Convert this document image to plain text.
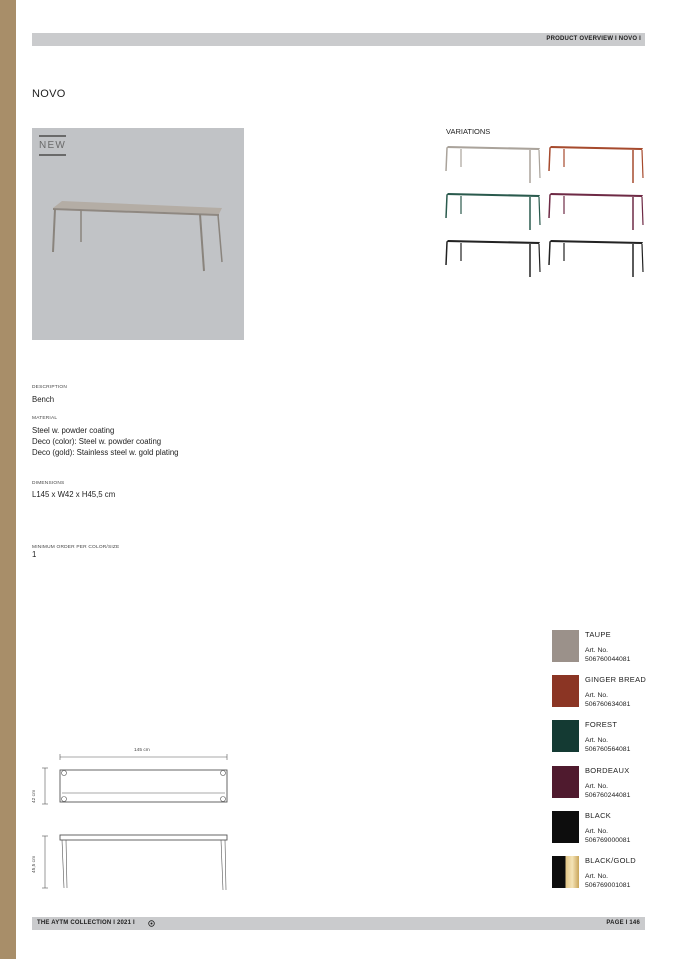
PRODUCT OVERVIEW I NOVO I
NOVO
NEW
VARIATIONS
DESCRIPTION
Bench
MATERIAL
Steel w. powder coating
Deco (color): Steel w. powder coating
Deco (gold): Stainless steel w. gold plating
DIMENSIONS
L145 x W42 x H45,5 cm
MINIMUM ORDER PER COLOR/SIZE
1
145 cm
42 cm
45,5 cm
TAUPE
Art. No.
506760044081
GINGER BREAD
Art. No.
506760634081
FOREST
Art. No.
506760564081
BORDEAUX
Art. No.
506760244081
BLACK
Art. No.
506769000081
BLACK/GOLD
Art. No.
506769001081
THE AYTM COLLECTION I 2021 I	PAGE I 146
